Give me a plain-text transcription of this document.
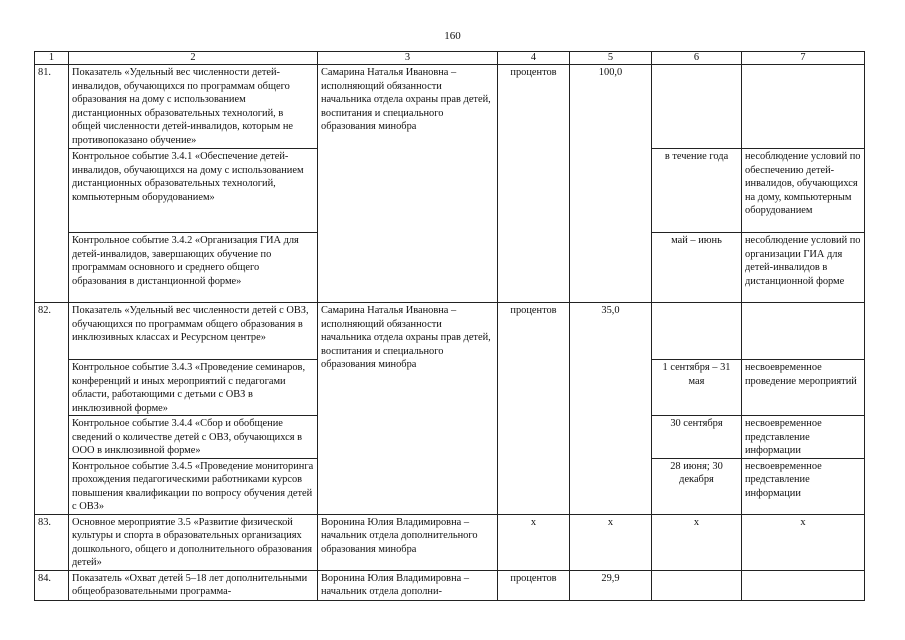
160
1	2	3	4	5	6	7
81.	Показатель «Удельный вес численности детей-инвалидов, обучающихся по программам общего образования на дому с использованием дистанционных образовательных технологий, в общей численности детей-инвалидов, которым не противопоказано обучение»	Самарина Наталья Ивановна – исполняющий обязанности начальника отдела охраны прав детей, воспитания и специального образования минобра	процентов	100,0		
	Контрольное событие 3.4.1 «Обеспечение детей-инвалидов, обучающихся на дому с использованием дистанционных образовательных технологий, компьютерным оборудованием»				в течение года	несоблюдение условий по обеспечению детей-инвалидов, обучающихся на дому, компьютерным оборудованием
	Контрольное событие 3.4.2 «Организация ГИА для детей-инвалидов, завершающих обучение по программам основного и среднего общего образования в дистанционной форме»				май – июнь	несоблюдение условий по организации ГИА для детей-инвалидов в дистанционной форме
82.	Показатель «Удельный вес численности детей с ОВЗ, обучающихся по программам общего образования в инклюзивных классах и Ресурсном центре»	Самарина Наталья Ивановна – исполняющий обязанности начальника отдела охраны прав детей, воспитания и специального образования минобра	процентов	35,0		
	Контрольное событие 3.4.3 «Проведение семинаров, конференций и иных мероприятий с педагогами области, работающими с детьми с ОВЗ в инклюзивной форме»				1 сентября – 31 мая	несвоевременное проведение мероприятий
	Контрольное событие 3.4.4 «Сбор и обобщение сведений о количестве детей с ОВЗ, обучающихся в ООО в инклюзивной форме»				30 сентября	несвоевременное представление информации
	Контрольное событие 3.4.5 «Проведение мониторинга прохождения педагогическими работниками курсов повышения квалификации по вопросу обучения детей с ОВЗ»				28 июня; 30 декабря	несвоевременное представление информации
83.	Основное мероприятие 3.5 «Развитие физической культуры и спорта в образовательных организациях дошкольного, общего и дополнительного образования детей»	Воронина Юлия Владимировна – начальник отдела дополнительного образования минобра	x	x	x	x
84.	Показатель «Охват детей 5–18 лет дополнительными общеобразовательными программа-	Воронина Юлия Владимировна – начальник отдела дополни-	процентов	29,9		
